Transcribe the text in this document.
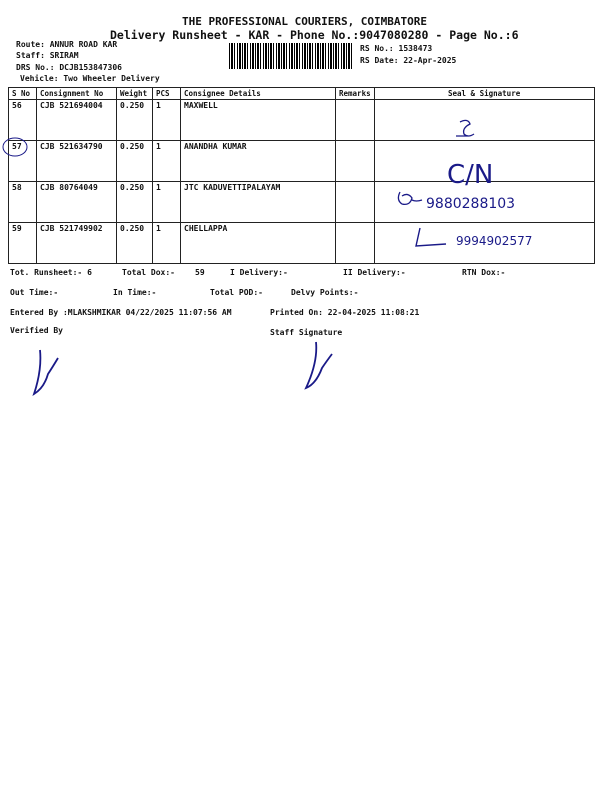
THE PROFESSIONAL COURIERS, COIMBATORE
Delivery Runsheet - KAR - Phone No.:9047080280 - Page No.:6
Route: ANNUR ROAD KAR
Staff: SRIRAM
DRS No.: DCJB153847306
Vehicle: Two Wheeler Delivery
RS No.: 1538473
RS Date: 22-Apr-2025
S No	Consignment No	Weight	PCS	Consignee Details	Remarks	Seal & Signature
56	CJB 521694004	0.250	1	MAXWELL		
57	CJB 521634790	0.250	1	ANANDHA KUMAR		
58	CJB 80764049	0.250	1	JTC KADUVETTIPALAYAM		
59	CJB 521749902	0.250	1	CHELLAPPA		
C/N
9880288103
9994902577
Tot. Runsheet:- 6	Total Dox:-	59	I Delivery:-	II Delivery:-	RTN Dox:-
Out Time:-	In Time:-	Total POD:-	Delvy Points:-
Entered By :MLAKSHMIKAR 04/22/2025 11:07:56 AM	Printed On: 22-04-2025 11:08:21
Verified By	Staff Signature
